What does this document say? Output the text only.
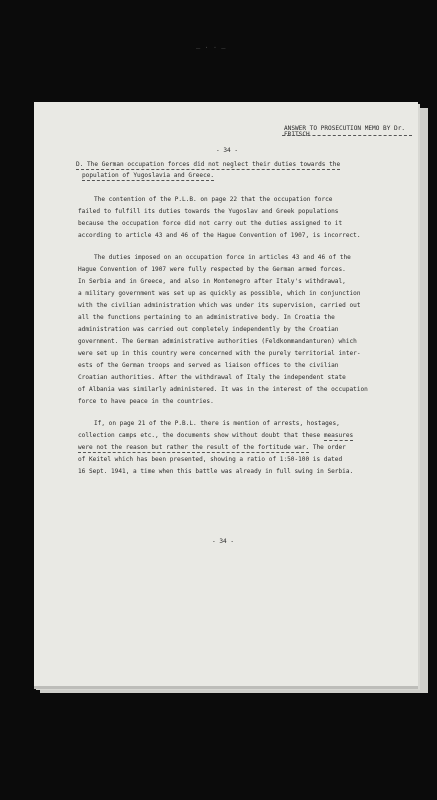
— · · —
ANSWER TO PROSECUTION MEMO BY Dr. FRITSCH
- 34 -
D. The German occupation forces did not neglect their duties towards the
population of Yugoslavia and Greece.
The contention of the P.L.B. on page 22 that the occupation force
failed to fulfill its duties towards the Yugoslav and Greek populations
because the occupation force did not carry out the duties assigned to it
according to article 43 and 46 of the Hague Convention of 1907, is incorrect.
The duties imposed on an occupation force in articles 43 and 46 of the
Hague Convention of 1907 were fully respected by the German armed forces.
In Serbia and in Greece, and also in Montenegro after Italy's withdrawal,
a military government was set up as quickly as possible, which in conjunction
with the civilian administration which was under its supervision, carried out
all the functions pertaining to an administrative body. In Croatia the
administration was carried out completely independently by the Croatian
government. The German administrative authorities (Feldkommandanturen) which
were set up in this country were concerned with the purely territorial inter-
ests of the German troops and served as liaison offices to the civilian
Croatian authorities. After the withdrawal of Italy the independent state
of Albania was similarly administered. It was in the interest of the occupation
force to have peace in the countries.
If, on page 21 of the P.B.L. there is mention of arrests, hostages,
collection camps etc., the documents show without doubt that these measures
were not the reason but rather the result of the fortitude war. The order
of Keitel which has been presented, showing a ratio of 1:50-100 is dated
16 Sept. 1941, a time when this battle was already in full swing in Serbia.
- 34 -
